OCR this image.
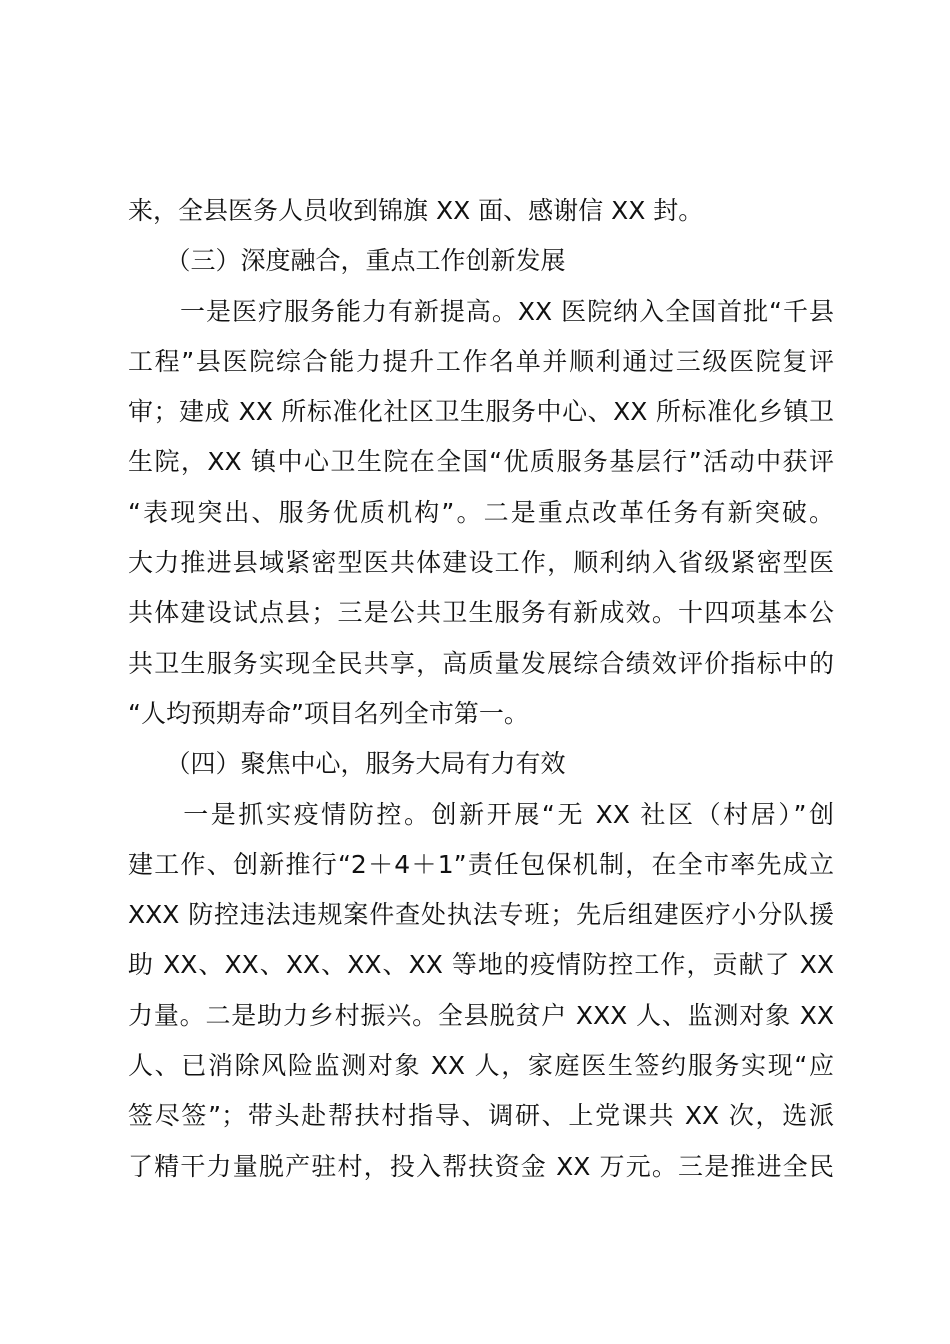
来，全县医务人员收到锦旗 XX 面、感谢信 XX 封。
　　（三）深度融合，重点工作创新发展
　　一是医疗服务能力有新提高。XX 医院纳入全国首批“千县
工程”县医院综合能力提升工作名单并顺利通过三级医院复评
审；建成 XX 所标准化社区卫生服务中心、XX 所标准化乡镇卫
生院，XX 镇中心卫生院在全国“优质服务基层行”活动中获评
“表现突出、服务优质机构”。二是重点改革任务有新突破。
大力推进县域紧密型医共体建设工作，顺利纳入省级紧密型医
共体建设试点县；三是公共卫生服务有新成效。十四项基本公
共卫生服务实现全民共享，高质量发展综合绩效评价指标中的
“人均预期寿命”项目名列全市第一。
　　（四）聚焦中心，服务大局有力有效
　　一是抓实疫情防控。创新开展“无 XX 社区（村居）”创
建工作、创新推行“2＋4＋1”责任包保机制，在全市率先成立
XXX 防控违法违规案件查处执法专班；先后组建医疗小分队援
助 XX、XX、XX、XX、XX 等地的疫情防控工作，贡献了 XX
力量。二是助力乡村振兴。全县脱贫户 XXX 人、监测对象 XX
人、已消除风险监测对象 XX 人，家庭医生签约服务实现“应
签尽签”；带头赴帮扶村指导、调研、上党课共 XX 次，选派
了精干力量脱产驻村，投入帮扶资金 XX 万元。三是推进全民
